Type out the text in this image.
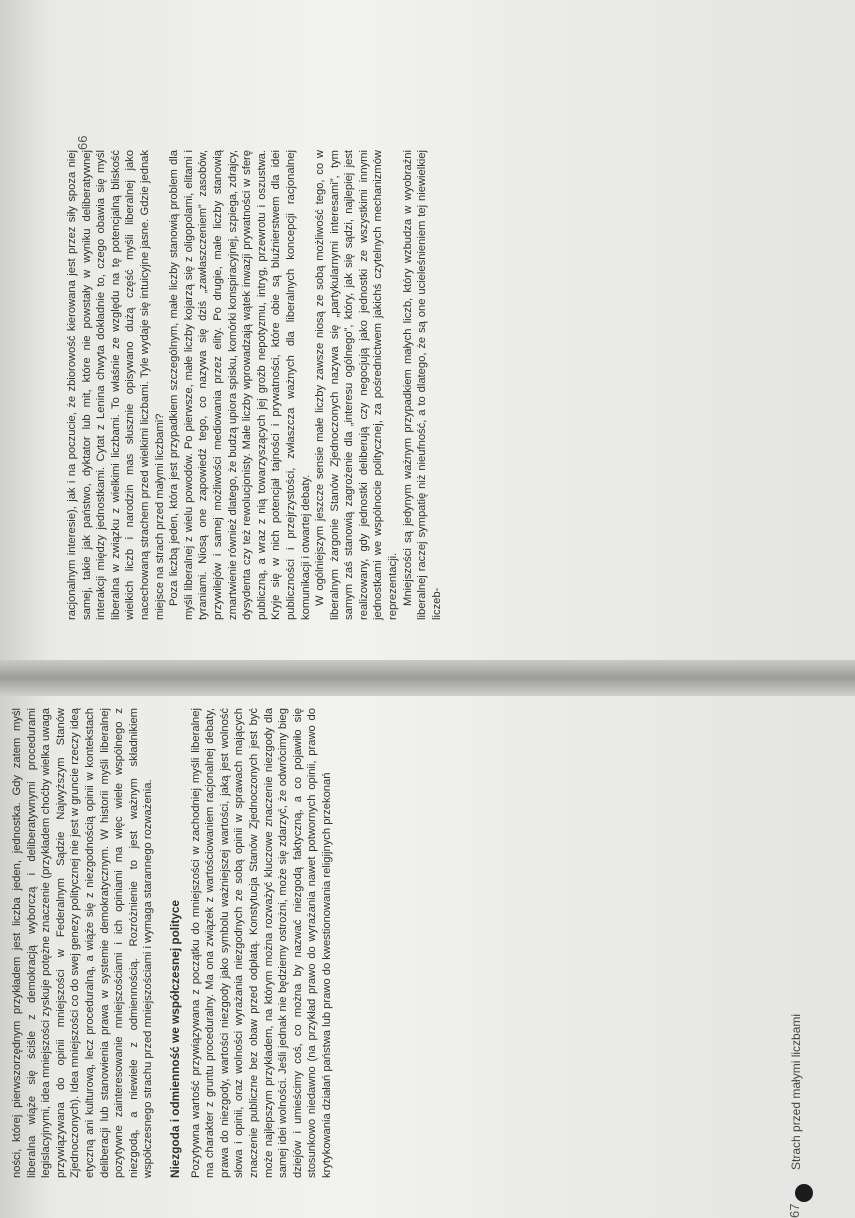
racjonalnym interesie), jak i na poczucie, że zbiorowość kierowana jest przez siły spoza niej samej, takie jak państwo, dyktator lub mit, które nie powstały w wyniku deliberatywnej interakcji między jednostkami. Cytat z Lenina chwyta dokładnie to, czego obawia się myśl liberalna w związku z wielkimi liczbami. To właśnie ze względu na tę potencjalną bliskość wielkich liczb i narodzin mas słusznie opisywano dużą część myśli liberalnej jako nacechowaną strachem przed wielkimi liczbami. Tyle wydaje się intuicyjne jasne. Gdzie jednak miejsce na strach przed małymi liczbami? Poza liczbą jeden, która jest przypadkiem szczególnym, małe liczby stanowią problem dla myśli liberalnej z wielu powodów. Po pierwsze, małe liczby kojarzą się z oligopolami, elitami i tyraniami. Niosą one zapowiedź tego, co nazywa się dziś „zawłaszczeniem” zasobów, przywilejów i samej możliwości mediowania przez elity. Po drugie, małe liczby stanowią zmartwienie również dlatego, że budzą upiora spisku, komórki konspiracyjnej, szpiega, zdrajcy, dysydenta czy też rewolucjonisty. Małe liczby wprowadzają wątek inwazji prywatności w sferę publiczną, a wraz z nią towarzyszących jej groźb nepotyzmu, intryg, przewrotu i oszustwa. Kryje się w nich potencjał tajności i prywatności, które obie są bluźnierstwem dla idei publiczności i przejrzystości, zwłaszcza ważnych dla liberalnych koncepcji racjonalnej komunikacji i otwartej debaty. W ogólniejszym jeszcze sensie małe liczby zawsze niosą ze sobą możliwość tego, co w liberalnym żargonie Stanów Zjednoczonych nazywa się „partykularnymi interesami”, tym samym zaś stanowią zagrożenie dla „interesu ogólnego”, który, jak się sądzi, najlepiej jest realizowany, gdy jednostki deliberują czy negocjują jako jednostki ze wszystkimi innymi jednostkami we wspólnocie politycznej, za pośrednictwem jakichś czytelnych mechanizmów reprezentacji. Mniejszości są jedynym ważnym przypadkiem małych liczb, który wzbudza w wyobraźni liberalnej raczej sympatię niż nieufność, a to dlatego, że są one ucieleśnieniem tej niewielkiej liczeb-

66
Strach przed małymi liczbami
67

ności, której pierwszorzędnym przykładem jest liczba jeden, jednostka. Gdy zatem myśl liberalna wiąże się ściśle z demokracją wyborczą i deliberatywnymi procedurami legislacyjnymi, idea mniejszości zyskuje potężne znaczenie (przykładem choćby wielka uwaga przywiązywana do opinii mniejszości w Federalnym Sądzie Najwyższym Stanów Zjednoczonych). Idea mniejszości co do swej genezy politycznej nie jest w gruncie rzeczy ideą etyczną ani kulturową, lecz proceduralną, a wiąże się z niezgodnością opinii w kontekstach deliberacji lub stanowienia prawa w systemie demokratycznym. W historii myśli liberalnej pozytywne zainteresowanie mniejszościami i ich opiniami ma więc wiele wspólnego z niezgodą, a niewiele z odmiennością. Rozróżnienie to jest ważnym składnikiem współczesnego strachu przed mniejszościami i wymaga starannego rozważenia. Niezgoda i odmienność we współczesnej polityce Pozytywna wartość przywiązywana z początku do mniejszości w zachodniej myśli liberalnej ma charakter z gruntu proceduralny. Ma ona związek z wartościowaniem racjonalnej debaty, prawa do niezgody, wartości niezgody jako symbolu ważniejszej wartości, jaką jest wolność słowa i opinii, oraz wolności wyrażania niezgodnych ze sobą opinii w sprawach mających znaczenie publiczne bez obaw przed odpłatą. Konstytucja Stanów Zjednoczonych jest być może najlepszym przykładem, na którym można rozważyć kluczowe znaczenie niezgody dla samej idei wolności. Jeśli jednak nie będziemy ostrożni, może się zdarzyć, że odwrócimy bieg dziejów i umieścimy coś, co można by nazwać niezgodą faktyczną, a co pojawiło się stosunkowo niedawno (na przykład prawo do wyrażania nawet potwornych opinii, prawo do krytykowania działań państwa lub prawo do kwestionowania religijnych przekonań
